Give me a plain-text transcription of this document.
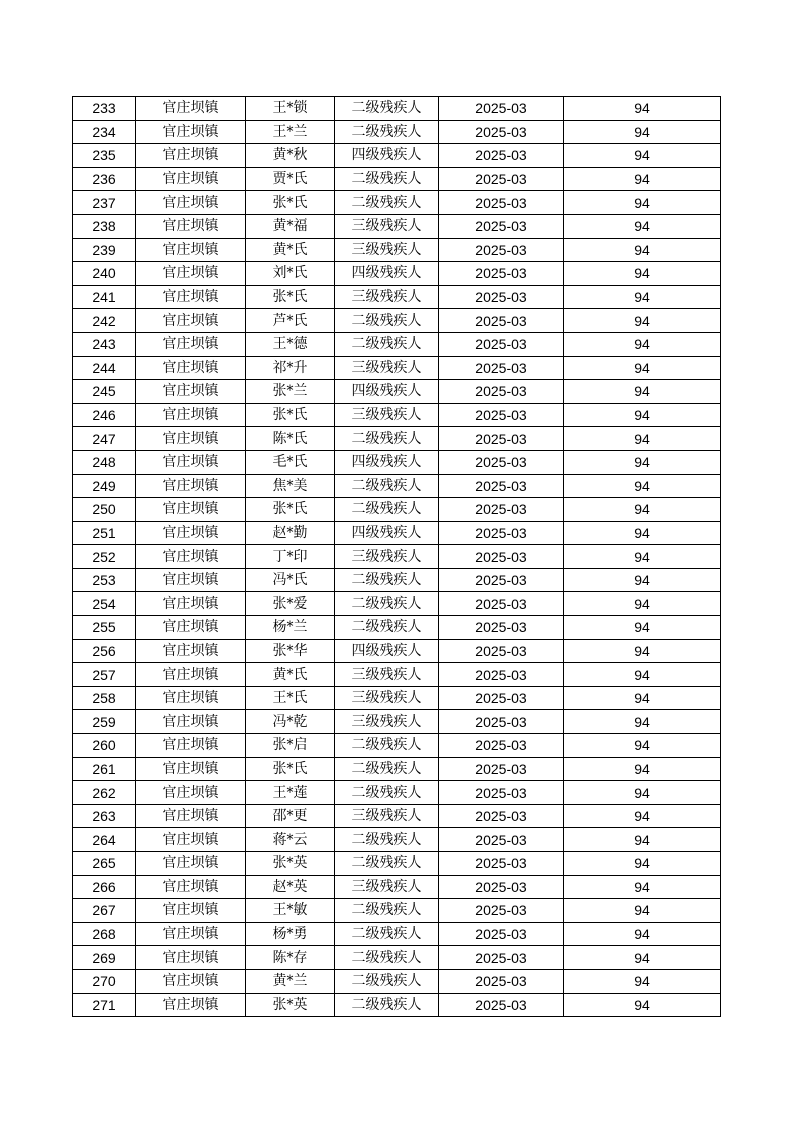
233	官庄坝镇	王*锁	二级残疾人	2025-03	94
234	官庄坝镇	王*兰	二级残疾人	2025-03	94
235	官庄坝镇	黄*秋	四级残疾人	2025-03	94
236	官庄坝镇	贾*氏	二级残疾人	2025-03	94
237	官庄坝镇	张*氏	二级残疾人	2025-03	94
238	官庄坝镇	黄*福	三级残疾人	2025-03	94
239	官庄坝镇	黄*氏	三级残疾人	2025-03	94
240	官庄坝镇	刘*氏	四级残疾人	2025-03	94
241	官庄坝镇	张*氏	三级残疾人	2025-03	94
242	官庄坝镇	芦*氏	二级残疾人	2025-03	94
243	官庄坝镇	王*德	二级残疾人	2025-03	94
244	官庄坝镇	祁*升	三级残疾人	2025-03	94
245	官庄坝镇	张*兰	四级残疾人	2025-03	94
246	官庄坝镇	张*氏	三级残疾人	2025-03	94
247	官庄坝镇	陈*氏	二级残疾人	2025-03	94
248	官庄坝镇	毛*氏	四级残疾人	2025-03	94
249	官庄坝镇	焦*美	二级残疾人	2025-03	94
250	官庄坝镇	张*氏	二级残疾人	2025-03	94
251	官庄坝镇	赵*勤	四级残疾人	2025-03	94
252	官庄坝镇	丁*印	三级残疾人	2025-03	94
253	官庄坝镇	冯*氏	二级残疾人	2025-03	94
254	官庄坝镇	张*爱	二级残疾人	2025-03	94
255	官庄坝镇	杨*兰	二级残疾人	2025-03	94
256	官庄坝镇	张*华	四级残疾人	2025-03	94
257	官庄坝镇	黄*氏	三级残疾人	2025-03	94
258	官庄坝镇	王*氏	三级残疾人	2025-03	94
259	官庄坝镇	冯*乾	三级残疾人	2025-03	94
260	官庄坝镇	张*启	二级残疾人	2025-03	94
261	官庄坝镇	张*氏	二级残疾人	2025-03	94
262	官庄坝镇	王*莲	二级残疾人	2025-03	94
263	官庄坝镇	邵*更	三级残疾人	2025-03	94
264	官庄坝镇	蒋*云	二级残疾人	2025-03	94
265	官庄坝镇	张*英	二级残疾人	2025-03	94
266	官庄坝镇	赵*英	三级残疾人	2025-03	94
267	官庄坝镇	王*敏	二级残疾人	2025-03	94
268	官庄坝镇	杨*勇	二级残疾人	2025-03	94
269	官庄坝镇	陈*存	二级残疾人	2025-03	94
270	官庄坝镇	黄*兰	二级残疾人	2025-03	94
271	官庄坝镇	张*英	二级残疾人	2025-03	94
